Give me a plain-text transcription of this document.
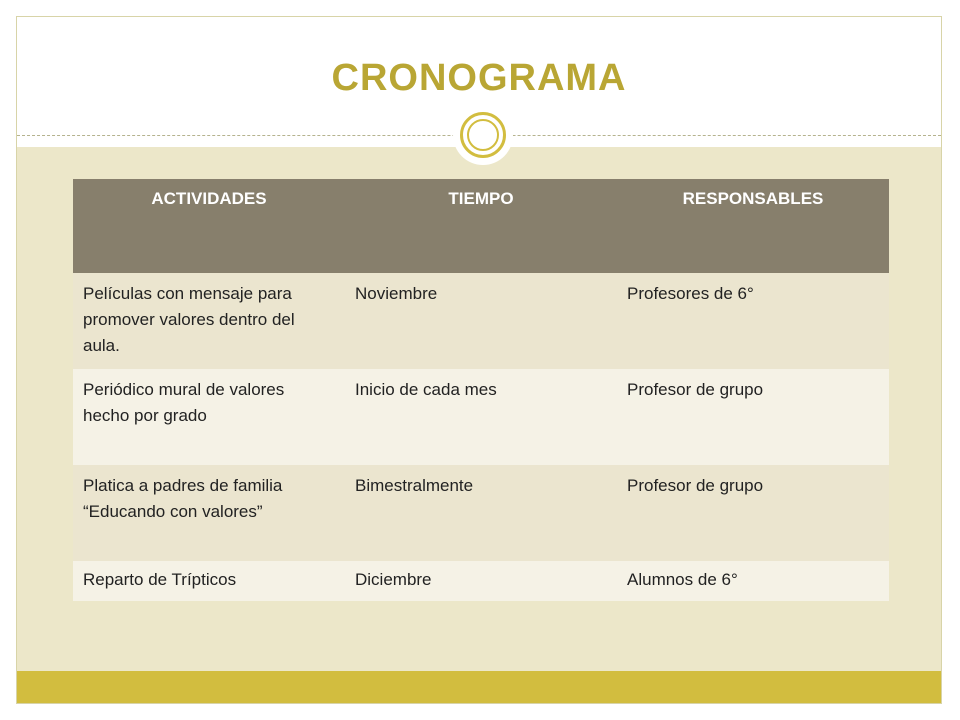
CRONOGRAMA
ACTIVIDADES	TIEMPO	RESPONSABLES
Películas con mensaje para promover valores dentro del aula.	Noviembre	Profesores de 6°
Periódico mural de valores hecho por grado	Inicio de cada mes	Profesor de grupo
Platica a padres de familia “Educando con valores”	Bimestralmente	Profesor de grupo
Reparto de Trípticos	Diciembre	Alumnos de 6°
